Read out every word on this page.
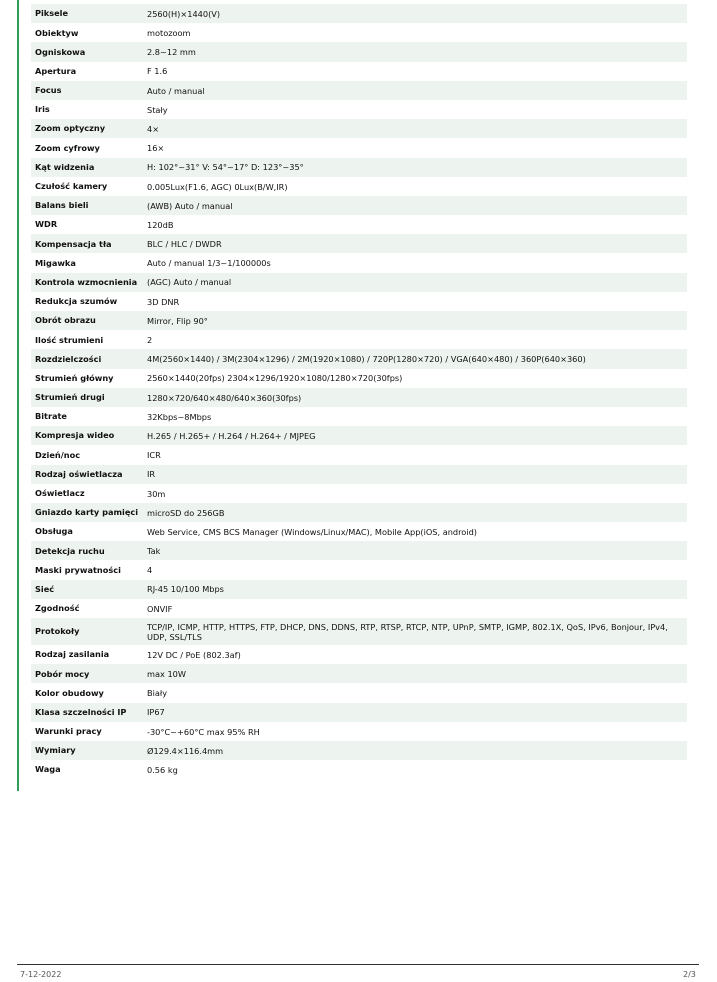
Piksele	2560(H)×1440(V)
Obiektyw	motozoom
Ogniskowa	2.8~12 mm
Apertura	F 1.6
Focus	Auto / manual
Iris	Stały
Zoom optyczny	4×
Zoom cyfrowy	16×
Kąt widzenia	H: 102°~31° V: 54°~17° D: 123°~35°
Czułość kamery	0.005Lux(F1.6, AGC) 0Lux(B/W,IR)
Balans bieli	(AWB) Auto / manual
WDR	120dB
Kompensacja tła	BLC / HLC / DWDR
Migawka	Auto / manual 1/3~1/100000s
Kontrola wzmocnienia	(AGC) Auto / manual
Redukcja szumów	3D DNR
Obrót obrazu	Mirror, Flip 90°
Ilość strumieni	2
Rozdzielczości	4M(2560×1440) / 3M(2304×1296) / 2M(1920×1080) / 720P(1280×720) / VGA(640×480) / 360P(640×360)
Strumień główny	2560×1440(20fps) 2304×1296/1920×1080/1280×720(30fps)
Strumień drugi	1280×720/640×480/640×360(30fps)
Bitrate	32Kbps~8Mbps
Kompresja wideo	H.265 / H.265+ / H.264 / H.264+ / MJPEG
Dzień/noc	ICR
Rodzaj oświetlacza	IR
Oświetlacz	30m
Gniazdo karty pamięci	microSD do 256GB
Obsługa	Web Service, CMS BCS Manager (Windows/Linux/MAC), Mobile App(iOS, android)
Detekcja ruchu	Tak
Maski prywatności	4
Sieć	RJ-45 10/100 Mbps
Zgodność	ONVIF
Protokoły	TCP/IP, ICMP, HTTP, HTTPS, FTP, DHCP, DNS, DDNS, RTP, RTSP, RTCP, NTP, UPnP, SMTP, IGMP, 802.1X, QoS, IPv6, Bonjour, IPv4, UDP, SSL/TLS
Rodzaj zasilania	12V DC / PoE (802.3af)
Pobór mocy	max 10W
Kolor obudowy	Biały
Klasa szczelności IP	IP67
Warunki pracy	-30°C~+60°C max 95% RH
Wymiary	Ø129.4×116.4mm
Waga	0.56 kg
7-12-2022	2/3
